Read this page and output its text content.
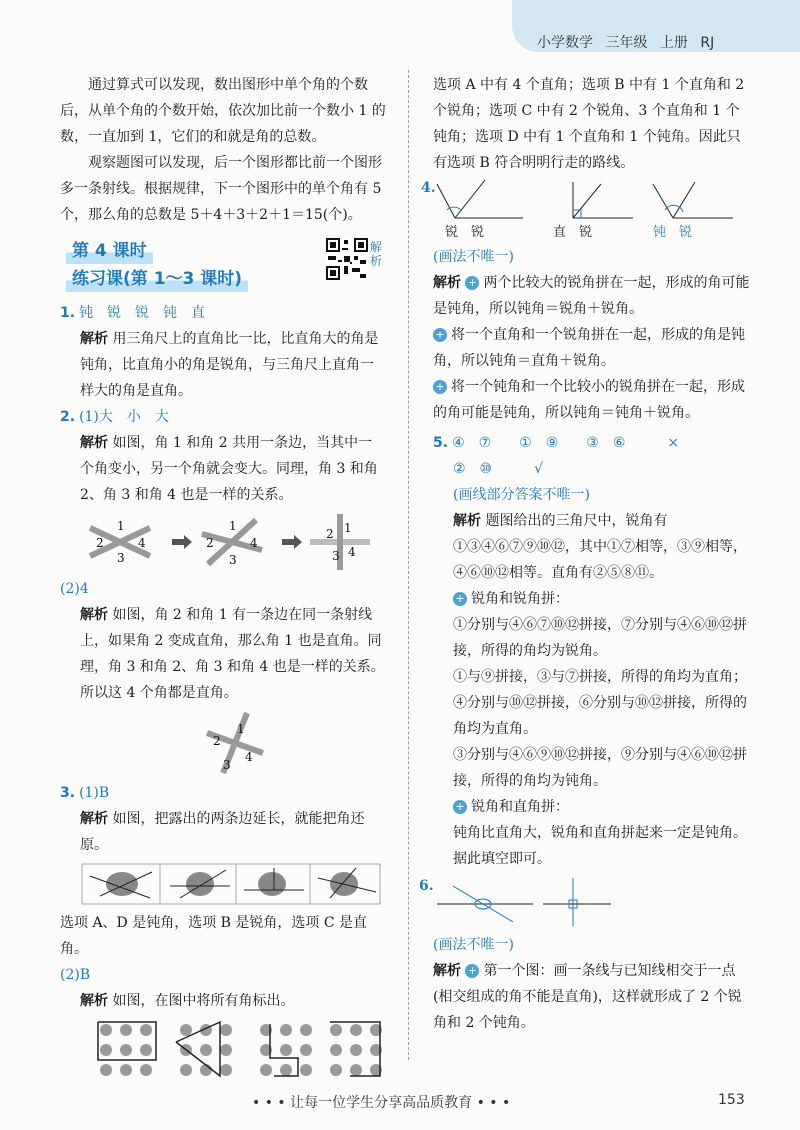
小学数学 三年级 上册 RJ

通过算式可以发现，数出图形中单个角的个数后，从单个角的个数开始，依次加比前一个数小 1 的数，一直加到 1，它们的和就是角的总数。

观察题图可以发现，后一个图形都比前一个图形多一条射线。根据规律，下一个图形中的单个角有 5 个，那么角的总数是 5＋4＋3＋2＋1＝15(个)。

第 4 课时
练习课(第 1～3 课时)
解析

1. 钝　锐　锐　钝　直

解析 用三角尺上的直角比一比，比直角大的角是钝角，比直角小的角是锐角，与三角尺上直角一样大的角是直角。

2. (1)大　小　大

解析 如图，角 1 和角 2 共用一条边，当其中一个角变小，另一个角就会变大。同理，角 3 和角 2、角 3 和角 4 也是一样的关系。

1
2
3
4
1
2
3
4
1
2
3 4

(2)4

解析 如图，角 2 和角 1 有一条边在同一条射线上，如果角 2 变成直角，那么角 1 也是直角。同理，角 3 和角 2、角 3 和角 4 也是一样的关系。所以这 4 个角都是直角。

1
2
3
4

3. (1)B

解析 如图，把露出的两条边延长，就能把角还原。

选项 A、D 是钝角，选项 B 是锐角，选项 C 是直角。

(2)B

解析 如图，在图中将所有角标出。

选项 A 中有 4 个直角；选项 B 中有 1 个直角和 2 个锐角；选项 C 中有 2 个锐角、3 个直角和 1 个钝角；选项 D 中有 1 个直角和 1 个钝角。因此只有选项 B 符合明明行走的路线。

4.
锐　锐	直　锐	钝　锐

(画法不唯一)

解析 + 两个比较大的锐角拼在一起，形成的角可能是钝角，所以钝角＝锐角＋锐角。

+ 将一个直角和一个锐角拼在一起，形成的角是钝角，所以钝角＝直角＋锐角。

+ 将一个钝角和一个比较小的锐角拼在一起，形成的角可能是钝角，所以钝角＝钝角＋锐角。

5. ④　⑦　　①　⑨　　③　⑥　　　×

②　⑩　　　√

(画线部分答案不唯一)

解析 题图给出的三角尺中，锐角有①③④⑥⑦⑨⑩⑫，其中①⑦相等，③⑨相等，④⑥⑩⑫相等。直角有②⑤⑧⑪。

+ 锐角和锐角拼：

①分别与④⑥⑦⑩⑫拼接，⑦分别与④⑥⑩⑫拼接，所得的角均为锐角。

①与⑨拼接，③与⑦拼接，所得的角均为直角；④分别与⑩⑫拼接，⑥分别与⑩⑫拼接，所得的角均为直角。

③分别与④⑥⑨⑩⑫拼接，⑨分别与④⑥⑩⑫拼接，所得的角均为钝角。

+ 锐角和直角拼：

钝角比直角大，锐角和直角拼起来一定是钝角。据此填空即可。

6.

(画法不唯一)

解析 + 第一个图：画一条线与已知线相交于一点(相交组成的角不能是直角)，这样就形成了 2 个锐角和 2 个钝角。

• • • 让每一位学生分享高品质教育 • • •	153
